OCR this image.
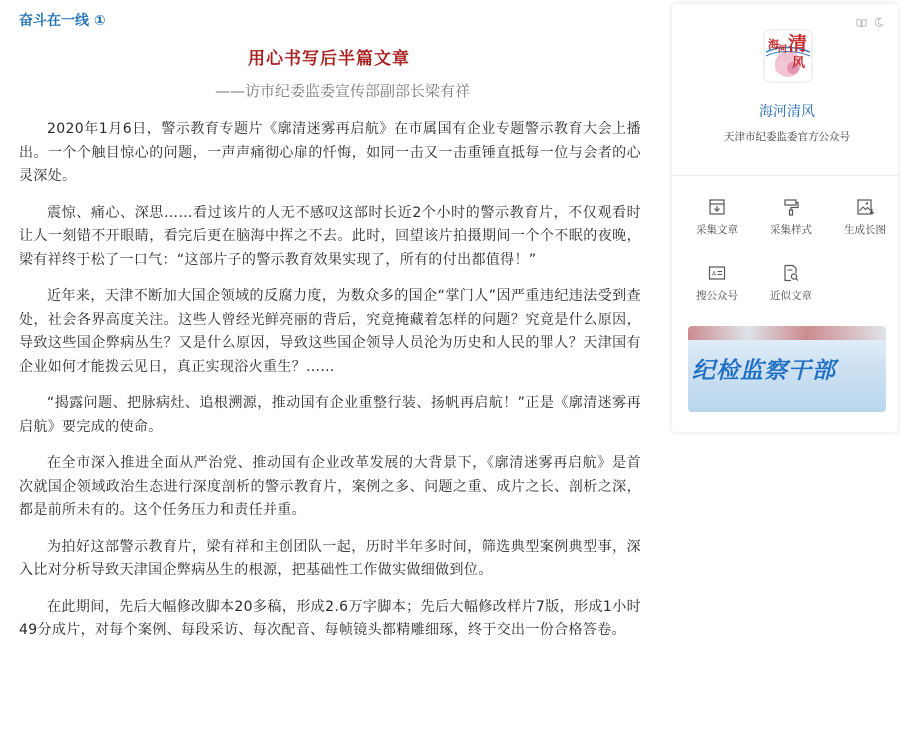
奋斗在一线 ①
用心书写后半篇文章
——访市纪委监委宣传部副部长梁有祥

2020年1月6日，警示教育专题片《廓清迷雾再启航》在市属国有企业专题警示教育大会上播出。一个个触目惊心的问题，一声声痛彻心扉的忏悔，如同一击又一击重锤直抵每一位与会者的心灵深处。

震惊、痛心、深思……看过该片的人无不感叹这部时长近2个小时的警示教育片，不仅观看时让人一刻错不开眼睛，看完后更在脑海中挥之不去。此时，回望该片拍摄期间一个个不眠的夜晚，梁有祥终于松了一口气：“这部片子的警示教育效果实现了，所有的付出都值得！”

近年来，天津不断加大国企领域的反腐力度，为数众多的国企“掌门人”因严重违纪违法受到查处，社会各界高度关注。这些人曾经光鲜亮丽的背后，究竟掩藏着怎样的问题？究竟是什么原因，导致这些国企弊病丛生？又是什么原因，导致这些国企领导人员沦为历史和人民的罪人？天津国有企业如何才能拨云见日，真正实现浴火重生？……

“揭露问题、把脉病灶、追根溯源，推动国有企业重整行装、扬帆再启航！”正是《廓清迷雾再启航》要完成的使命。

在全市深入推进全面从严治党、推动国有企业改革发展的大背景下，《廓清迷雾再启航》是首次就国企领域政治生态进行深度剖析的警示教育片，案例之多、问题之重、成片之长、剖析之深，都是前所未有的。这个任务压力和责任并重。

为拍好这部警示教育片，梁有祥和主创团队一起，历时半年多时间，筛选典型案例典型事，深入比对分析导致天津国企弊病丛生的根源，把基础性工作做实做细做到位。

在此期间，先后大幅修改脚本20多稿，形成2.6万字脚本；先后大幅修改样片7版，形成1小时49分成片，对每个案例、每段采访、每次配音、每帧镜头都精雕细琢，终于交出一份合格答卷。

海 河 清
风
海河清风
天津市纪委监委官方公众号
采集文章	采集样式	生成长图
A
搜公众号	近似文章
纪检监察干部
